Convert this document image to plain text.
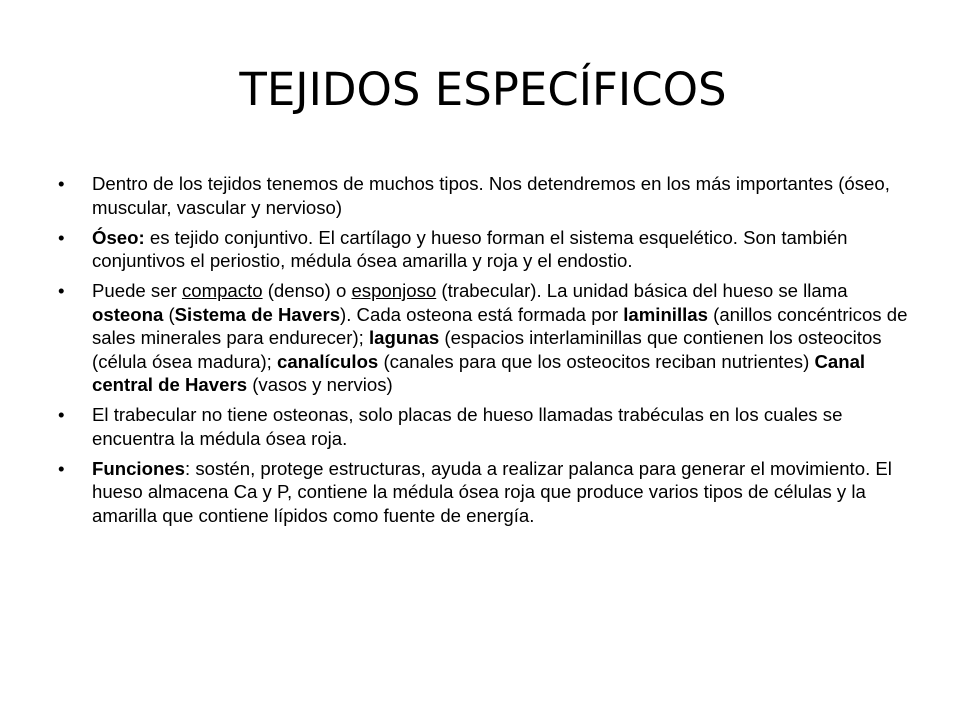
TEJIDOS ESPECÍFICOS
•	Dentro de los tejidos tenemos de muchos tipos. Nos detendremos en los más importantes (óseo, muscular, vascular y nervioso)
•	Óseo: es tejido conjuntivo. El cartílago y hueso forman el sistema esquelético. Son también conjuntivos el periostio, médula ósea amarilla y roja y el endostio.
•	Puede ser compacto (denso) o esponjoso (trabecular). La unidad básica del hueso se llama osteona (Sistema de Havers). Cada osteona está formada por laminillas (anillos concéntricos de sales minerales para endurecer); lagunas (espacios interlaminillas que contienen los osteocitos (célula ósea madura); canalículos (canales para que los osteocitos reciban nutrientes) Canal central de Havers (vasos y nervios)
•	El trabecular no tiene osteonas, solo placas de hueso llamadas trabéculas en los cuales se encuentra la médula ósea roja.
•	Funciones: sostén, protege estructuras, ayuda a realizar palanca para generar el movimiento. El hueso almacena Ca y P, contiene la médula ósea roja que produce varios tipos de células y la amarilla que contiene lípidos como fuente de energía.
